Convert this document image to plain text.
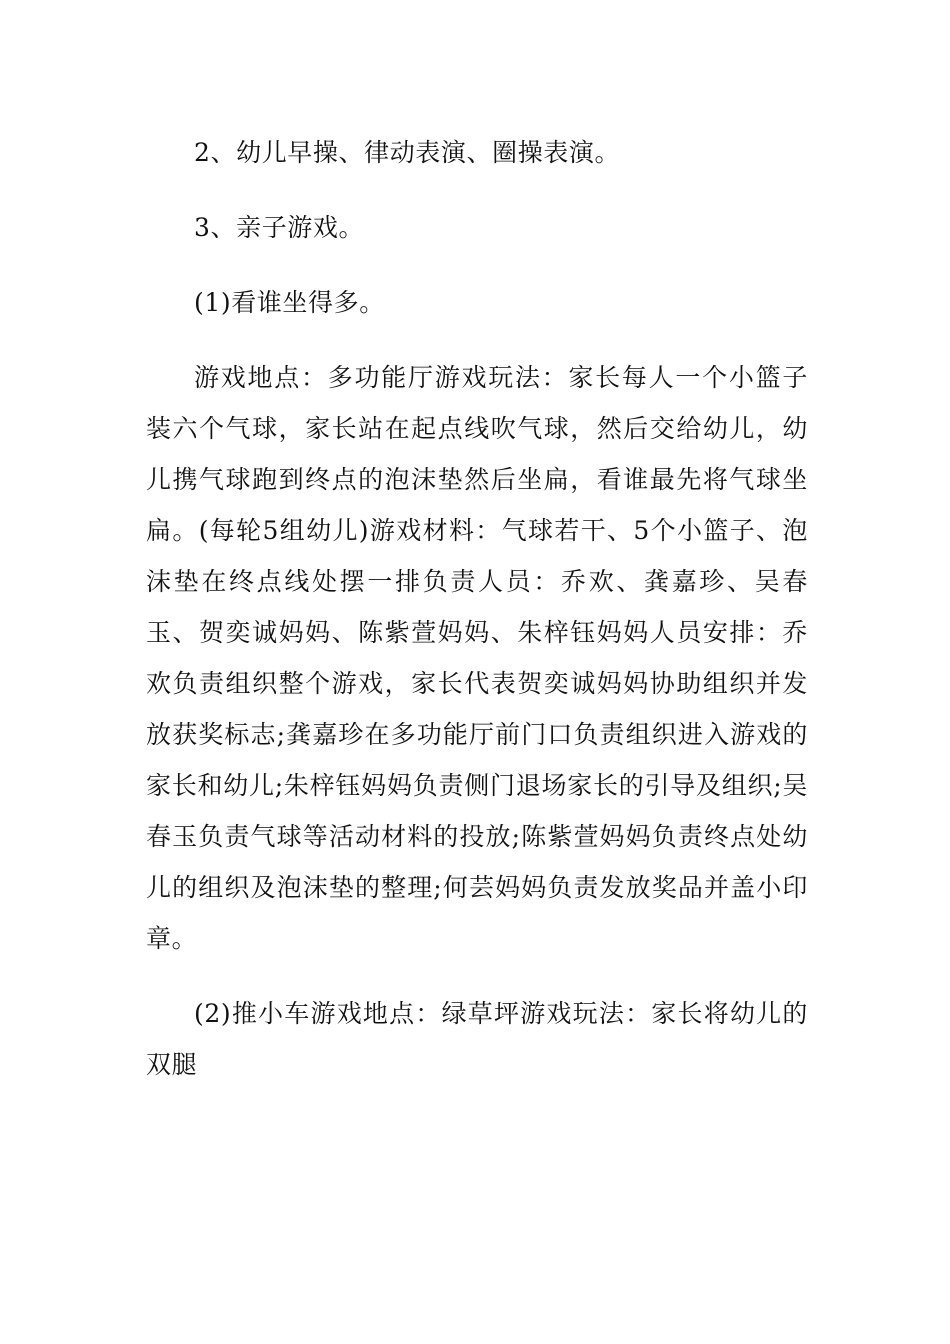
2、幼儿早操、律动表演、圈操表演。

3、亲子游戏。

(1)看谁坐得多。

游戏地点：多功能厅游戏玩法：家长每人一个小篮子装六个气球，家长站在起点线吹气球，然后交给幼儿，幼儿携气球跑到终点的泡沫垫然后坐扁，看谁最先将气球坐扁。(每轮5组幼儿)游戏材料：气球若干、5个小篮子、泡沫垫在终点线处摆一排负责人员：乔欢、龚嘉珍、吴春玉、贺奕诚妈妈、陈紫萱妈妈、朱梓钰妈妈人员安排：乔欢负责组织整个游戏，家长代表贺奕诚妈妈协助组织并发放获奖标志;龚嘉珍在多功能厅前门口负责组织进入游戏的家长和幼儿;朱梓钰妈妈负责侧门退场家长的引导及组织;吴春玉负责气球等活动材料的投放;陈紫萱妈妈负责终点处幼儿的组织及泡沫垫的整理;何芸妈妈负责发放奖品并盖小印章。

(2)推小车游戏地点：绿草坪游戏玩法：家长将幼儿的双腿
